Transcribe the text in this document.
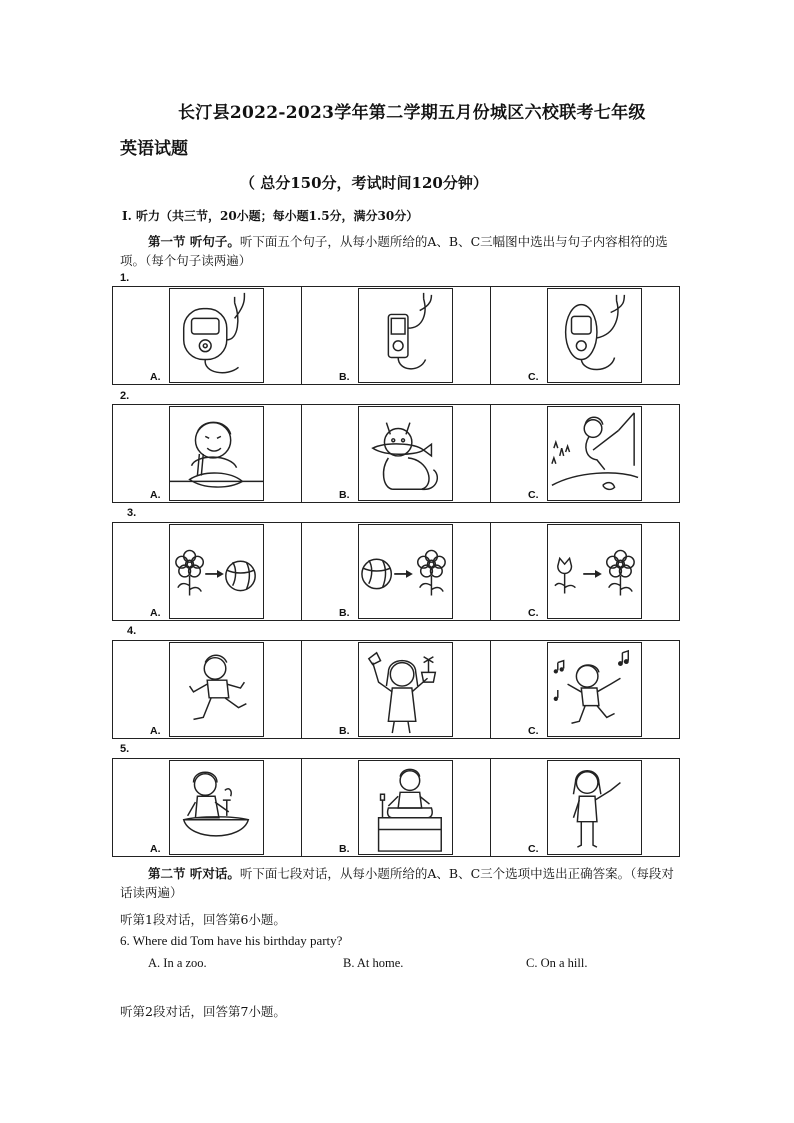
长汀县2022-2023学年第二学期五月份城区六校联考七年级
英语试题
（ 总分150分，考试时间120分钟）
Ⅰ. 听力（共三节，20小题；每小题1.5分，满分30分）
第一节 听句子。听下面五个句子，从每小题所给的A、B、C三幅图中选出与句子内容相符的选项。（每个句子读两遍）
1.
A.	B.	C.
2.
A.	B.	C.
3.
A.	B.	C.
4.
A.	B.	C.
5.
A.	B.	C.
第二节 听对话。听下面七段对话，从每小题所给的A、B、C三个选项中选出正确答案。（每段对话读两遍）
听第1段对话，回答第6小题。
6. Where did Tom have his birthday party?
A. In a zoo.	B. At home.	C. On a hill.
听第2段对话，回答第7小题。
